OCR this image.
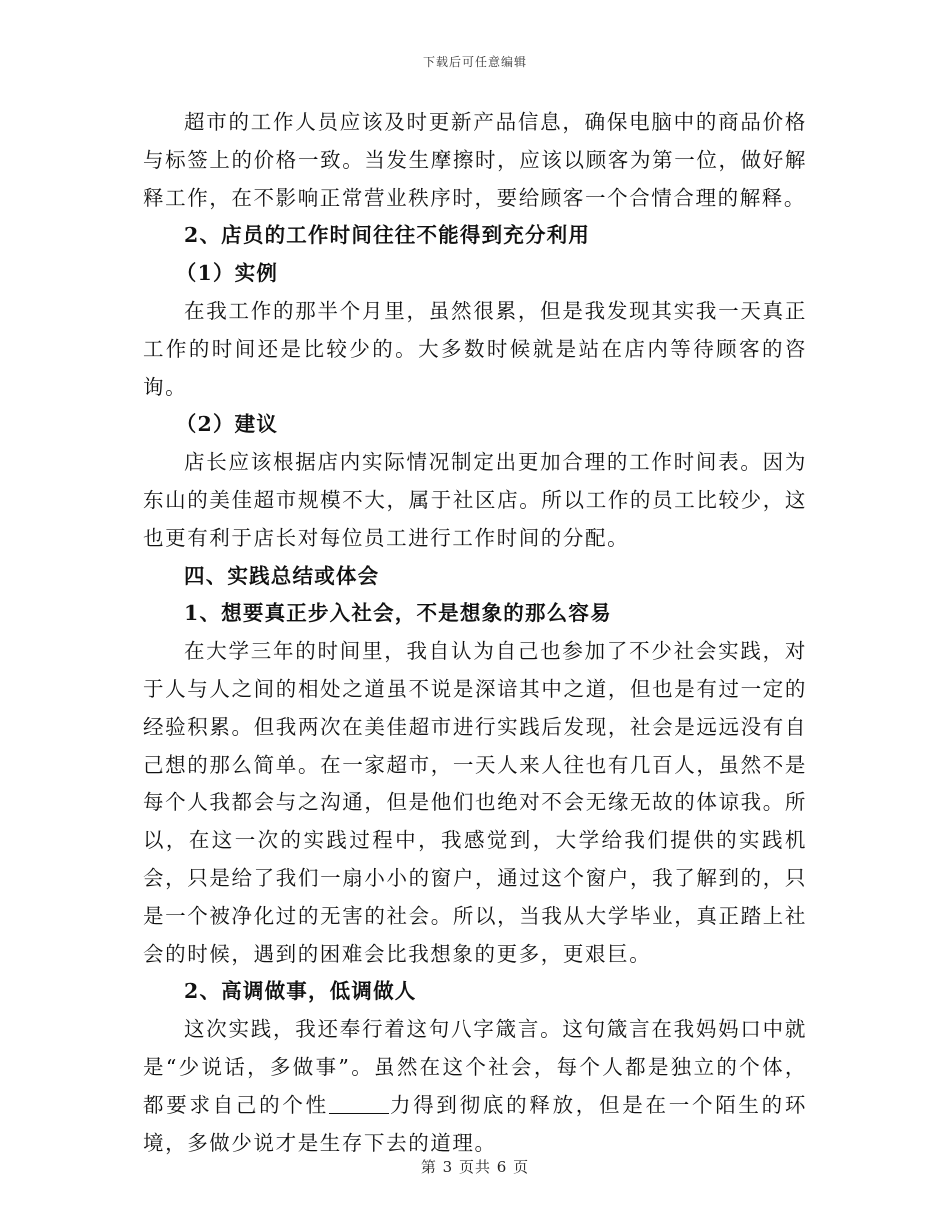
下载后可任意编辑

超市的工作人员应该及时更新产品信息，确保电脑中的商品价格与标签上的价格一致。当发生摩擦时，应该以顾客为第一位，做好解释工作，在不影响正常营业秩序时，要给顾客一个合情合理的解释。

2、店员的工作时间往往不能得到充分利用

（1）实例

在我工作的那半个月里，虽然很累，但是我发现其实我一天真正工作的时间还是比较少的。大多数时候就是站在店内等待顾客的咨询。

（2）建议

店长应该根据店内实际情况制定出更加合理的工作时间表。因为东山的美佳超市规模不大，属于社区店。所以工作的员工比较少，这也更有利于店长对每位员工进行工作时间的分配。

四、实践总结或体会

1、想要真正步入社会，不是想象的那么容易

在大学三年的时间里，我自认为自己也参加了不少社会实践，对于人与人之间的相处之道虽不说是深谙其中之道，但也是有过一定的经验积累。但我两次在美佳超市进行实践后发现，社会是远远没有自己想的那么简单。在一家超市，一天人来人往也有几百人，虽然不是每个人我都会与之沟通，但是他们也绝对不会无缘无故的体谅我。所以，在这一次的实践过程中，我感觉到，大学给我们提供的实践机会，只是给了我们一扇小小的窗户，通过这个窗户，我了解到的，只是一个被净化过的无害的社会。所以，当我从大学毕业，真正踏上社会的时候，遇到的困难会比我想象的更多，更艰巨。

2、高调做事，低调做人

这次实践，我还奉行着这句八字箴言。这句箴言在我妈妈口中就是“少说话，多做事”。虽然在这个社会，每个人都是独立的个体，都要求自己的个性	力得到彻底的释放，但是在一个陌生的环境，多做少说才是生存下去的道理。

第 3 页共 6 页
